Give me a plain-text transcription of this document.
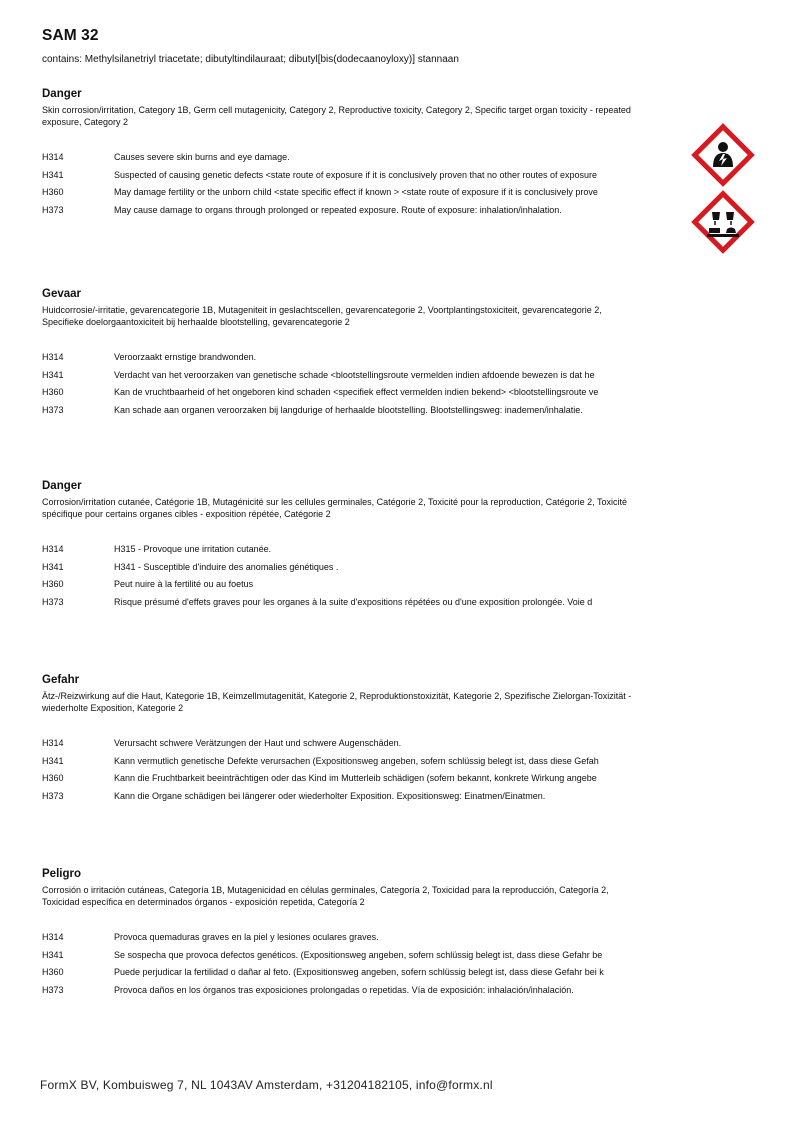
SAM 32
contains: Methylsilanetriyl triacetate; dibutyltindilauraat; dibutyl[bis(dodecaanoyloxy)] stannaan
Danger
Skin corrosion/irritation, Category 1B, Germ cell mutagenicity, Category 2, Reproductive toxicity, Category 2, Specific target organ toxicity - repeated exposure, Category 2
H314	Causes severe skin burns and eye damage.
H341	Suspected of causing genetic defects <state route of exposure if it is conclusively proven that no other routes of exposure
H360	May damage fertility or the unborn child <state specific effect if known > <state route of exposure if it is conclusively prove
H373	May cause damage to organs through prolonged or repeated exposure. Route of exposure: inhalation/inhalation.
Gevaar
Huidcorrosie/-irritatie, gevarencategorie 1B, Mutageniteit in geslachtscellen, gevarencategorie 2, Voortplantingstoxiciteit, gevarencategorie 2, Specifieke doelorgaantoxiciteit bij herhaalde blootstelling, gevarencategorie 2
H314	Veroorzaakt ernstige brandwonden.
H341	Verdacht van het veroorzaken van genetische schade <blootstellingsroute vermelden indien afdoende bewezen is dat he
H360	Kan de vruchtbaarheid of het ongeboren kind schaden <specifiek effect vermelden indien bekend> <blootstellingsroute ve
H373	Kan schade aan organen veroorzaken bij langdurige of herhaalde blootstelling. Blootstellingsweg: inademen/inhalatie.
Danger
Corrosion/irritation cutanée, Catégorie 1B, Mutagénicité sur les cellules germinales, Catégorie 2, Toxicité pour la reproduction, Catégorie 2, Toxicité spécifique pour certains organes cibles - exposition répétée, Catégorie 2
H314	H315 - Provoque une irritation cutanée.
H341	H341 - Susceptible d'induire des anomalies génétiques .
H360	Peut nuire à la fertilité ou au foetus
H373	Risque présumé d'effets graves pour les organes à la suite d'expositions répétées ou d'une exposition prolongée. Voie d
Gefahr
Ätz-/Reizwirkung auf die Haut, Kategorie 1B, Keimzellmutagenität, Kategorie 2, Reproduktionstoxizität, Kategorie 2, Spezifische Zielorgan-Toxizität - wiederholte Exposition, Kategorie 2
H314	Verursacht schwere Verätzungen der Haut und schwere Augenschäden.
H341	Kann vermutlich genetische Defekte verursachen (Expositionsweg angeben, sofern schlüssig belegt ist, dass diese Gefah
H360	Kann die Fruchtbarkeit beeinträchtigen oder das Kind im Mutterleib schädigen (sofern bekannt, konkrete Wirkung angebe
H373	Kann die Organe schädigen bei längerer oder wiederholter Exposition. Expositionsweg: Einatmen/Einatmen.
Peligro
Corrosión o irritación cutáneas, Categoría 1B, Mutagenicidad en células germinales, Categoría 2, Toxicidad para la reproducción, Categoría 2, Toxicidad específica en determinados órganos - exposición repetida, Categoría 2
H314	Provoca quemaduras graves en la piel y lesiones oculares graves.
H341	Se sospecha que provoca defectos genéticos. (Expositionsweg angeben, sofern schlüssig belegt ist, dass diese Gefahr be
H360	Puede perjudicar la fertilidad o dañar al feto. (Expositionsweg angeben, sofern schlüssig belegt ist, dass diese Gefahr bei k
H373	Provoca daños en los órganos tras exposiciones prolongadas o repetidas. Vía de exposición: inhalación/inhalación.
FormX BV, Kombuisweg 7, NL 1043AV Amsterdam, +31204182105, info@formx.nl
